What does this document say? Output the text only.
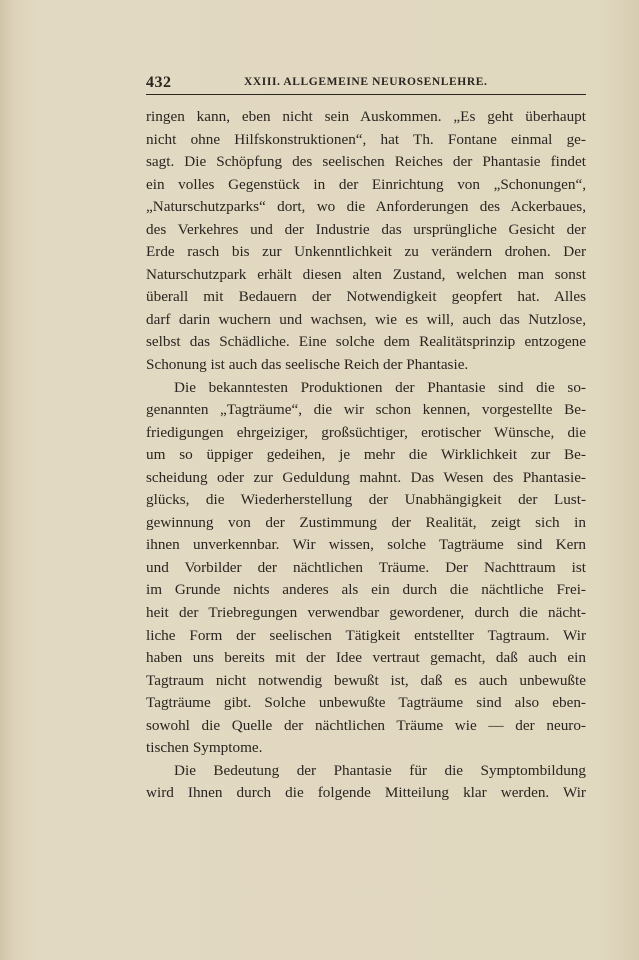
432	XXIII. ALLGEMEINE NEUROSENLEHRE.
ringen kann, eben nicht sein Auskommen. „Es geht überhaupt
nicht ohne Hilfskonstruktionen“, hat Th. Fontane einmal ge-
sagt. Die Schöpfung des seelischen Reiches der Phantasie findet
ein volles Gegenstück in der Einrichtung von „Schonungen“,
„Naturschutzparks“ dort, wo die Anforderungen des Ackerbaues,
des Verkehres und der Industrie das ursprüngliche Gesicht der
Erde rasch bis zur Unkenntlichkeit zu verändern drohen. Der
Naturschutzpark erhält diesen alten Zustand, welchen man sonst
überall mit Bedauern der Notwendigkeit geopfert hat. Alles
darf darin wuchern und wachsen, wie es will, auch das Nutzlose,
selbst das Schädliche. Eine solche dem Realitätsprinzip entzogene
Schonung ist auch das seelische Reich der Phantasie.
Die bekanntesten Produktionen der Phantasie sind die so-
genannten „Tagträume“, die wir schon kennen, vorgestellte Be-
friedigungen ehrgeiziger, großsüchtiger, erotischer Wünsche, die
um so üppiger gedeihen, je mehr die Wirklichkeit zur Be-
scheidung oder zur Geduldung mahnt. Das Wesen des Phantasie-
glücks, die Wiederherstellung der Unabhängigkeit der Lust-
gewinnung von der Zustimmung der Realität, zeigt sich in
ihnen unverkennbar. Wir wissen, solche Tagträume sind Kern
und Vorbilder der nächtlichen Träume. Der Nachttraum ist
im Grunde nichts anderes als ein durch die nächtliche Frei-
heit der Triebregungen verwendbar gewordener, durch die nächt-
liche Form der seelischen Tätigkeit entstellter Tagtraum. Wir
haben uns bereits mit der Idee vertraut gemacht, daß auch ein
Tagtraum nicht notwendig bewußt ist, daß es auch unbewußte
Tagträume gibt. Solche unbewußte Tagträume sind also eben-
sowohl die Quelle der nächtlichen Träume wie — der neuro-
tischen Symptome.
Die Bedeutung der Phantasie für die Symptombildung
wird Ihnen durch die folgende Mitteilung klar werden. Wir
